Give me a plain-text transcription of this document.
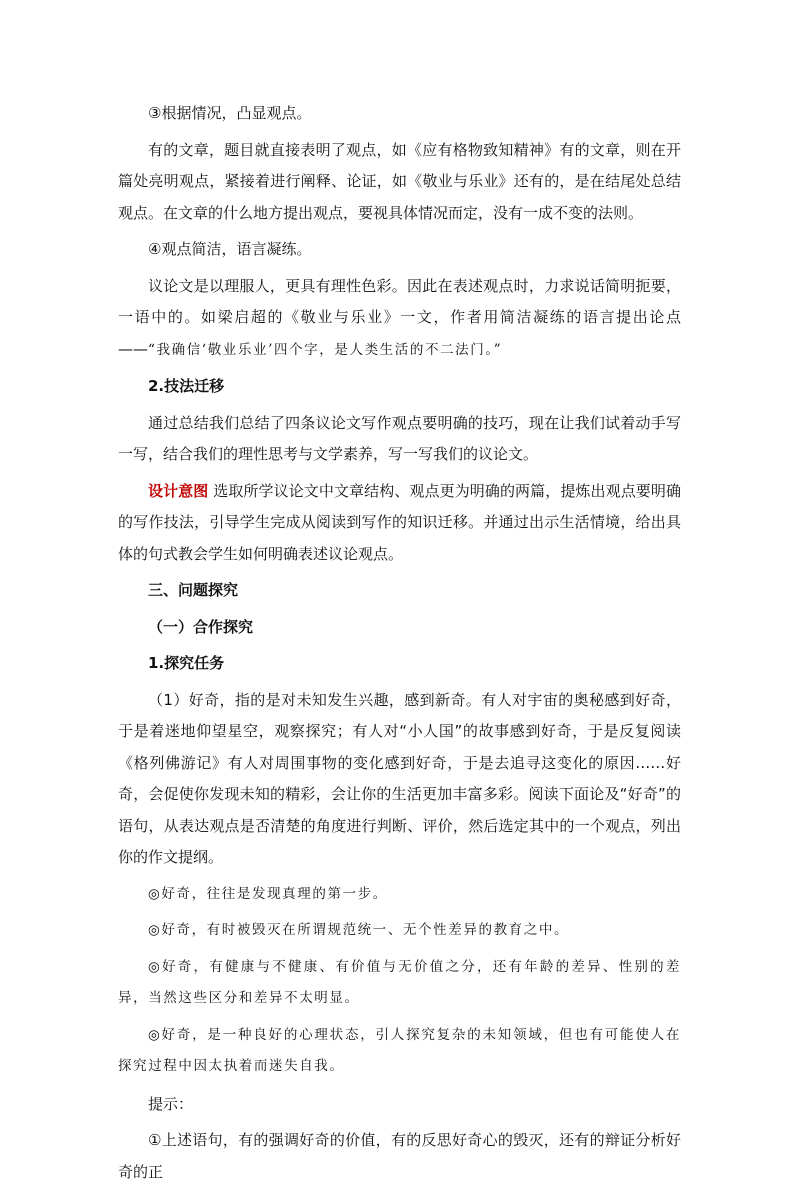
③根据情况，凸显观点。

有的文章，题目就直接表明了观点，如《应有格物致知精神》有的文章，则在开篇处亮明观点，紧接着进行阐释、论证，如《敬业与乐业》还有的，是在结尾处总结观点。在文章的什么地方提出观点，要视具体情况而定，没有一成不变的法则。

④观点简洁，语言凝练。

议论文是以理服人，更具有理性色彩。因此在表述观点时，力求说话简明扼要，一语中的。如梁启超的《敬业与乐业》一文，作者用简洁凝练的语言提出论点——“我确信‘敬业乐业’四个字，是人类生活的不二法门。”

2.技法迁移

通过总结我们总结了四条议论文写作观点要明确的技巧，现在让我们试着动手写一写，结合我们的理性思考与文学素养，写一写我们的议论文。

设计意图 选取所学议论文中文章结构、观点更为明确的两篇，提炼出观点要明确的写作技法，引导学生完成从阅读到写作的知识迁移。并通过出示生活情境，给出具体的句式教会学生如何明确表述议论观点。

三、问题探究

（一）合作探究

1.探究任务

（1）好奇，指的是对未知发生兴趣，感到新奇。有人对宇宙的奥秘感到好奇，于是着迷地仰望星空，观察探究；有人对“小人国”的故事感到好奇，于是反复阅读《格列佛游记》有人对周围事物的变化感到好奇，于是去追寻这变化的原因……好奇，会促使你发现未知的精彩，会让你的生活更加丰富多彩。阅读下面论及“好奇”的语句，从表达观点是否清楚的角度进行判断、评价，然后选定其中的一个观点，列出你的作文提纲。

◎好奇，往往是发现真理的第一步。

◎好奇，有时被毁灭在所谓规范统一、无个性差异的教育之中。

◎好奇，有健康与不健康、有价值与无价值之分，还有年龄的差异、性别的差异，当然这些区分和差异不太明显。

◎好奇，是一种良好的心理状态，引人探究复杂的未知领域，但也有可能使人在探究过程中因太执着而迷失自我。

提示：

①上述语句，有的强调好奇的价值，有的反思好奇心的毁灭，还有的辩证分析好奇的正
